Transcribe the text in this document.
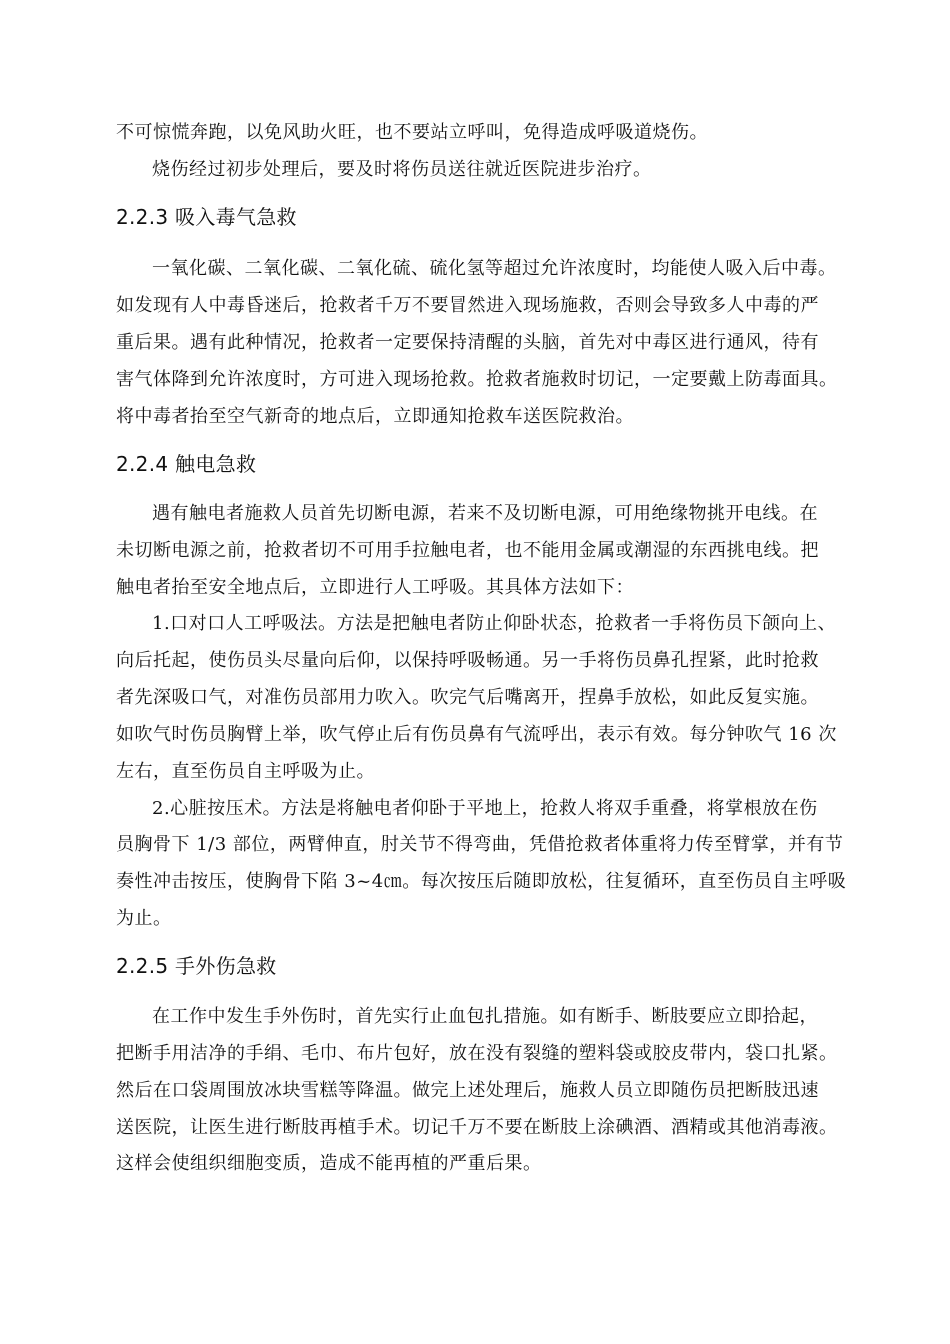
不可惊慌奔跑，以免风助火旺，也不要站立呼叫，免得造成呼吸道烧伤。
烧伤经过初步处理后，要及时将伤员送往就近医院进步治疗。
2.2.3 吸入毒气急救
一氧化碳、二氧化碳、二氧化硫、硫化氢等超过允许浓度时，均能使人吸入后中毒。
如发现有人中毒昏迷后，抢救者千万不要冒然进入现场施救，否则会导致多人中毒的严
重后果。遇有此种情况，抢救者一定要保持清醒的头脑，首先对中毒区进行通风，待有
害气体降到允许浓度时，方可进入现场抢救。抢救者施救时切记，一定要戴上防毒面具。
将中毒者抬至空气新奇的地点后，立即通知抢救车送医院救治。
2.2.4 触电急救
遇有触电者施救人员首先切断电源，若来不及切断电源，可用绝缘物挑开电线。在
未切断电源之前，抢救者切不可用手拉触电者，也不能用金属或潮湿的东西挑电线。把
触电者抬至安全地点后，立即进行人工呼吸。其具体方法如下：
1.口对口人工呼吸法。方法是把触电者防止仰卧状态，抢救者一手将伤员下颌向上、
向后托起，使伤员头尽量向后仰，以保持呼吸畅通。另一手将伤员鼻孔捏紧，此时抢救
者先深吸口气，对准伤员部用力吹入。吹完气后嘴离开，捏鼻手放松，如此反复实施。
如吹气时伤员胸臂上举，吹气停止后有伤员鼻有气流呼出，表示有效。每分钟吹气 16 次
左右，直至伤员自主呼吸为止。
2.心脏按压术。方法是将触电者仰卧于平地上，抢救人将双手重叠，将掌根放在伤
员胸骨下 1/3 部位，两臂伸直，肘关节不得弯曲，凭借抢救者体重将力传至臂掌，并有节
奏性冲击按压，使胸骨下陷 3~4㎝。每次按压后随即放松，往复循环，直至伤员自主呼吸
为止。
2.2.5 手外伤急救
在工作中发生手外伤时，首先实行止血包扎措施。如有断手、断肢要应立即拾起，
把断手用洁净的手绢、毛巾、布片包好，放在没有裂缝的塑料袋或胶皮带内，袋口扎紧。
然后在口袋周围放冰块雪糕等降温。做完上述处理后，施救人员立即随伤员把断肢迅速
送医院，让医生进行断肢再植手术。切记千万不要在断肢上涂碘酒、酒精或其他消毒液。
这样会使组织细胞变质，造成不能再植的严重后果。
